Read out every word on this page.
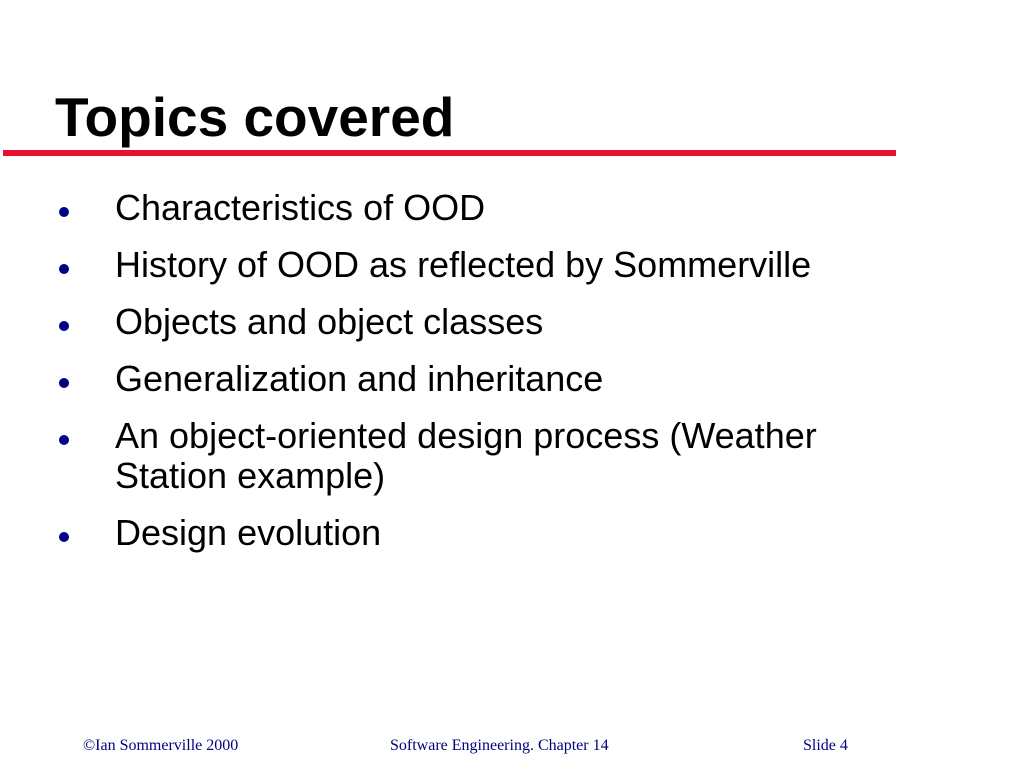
Topics covered
Characteristics of OOD
History of OOD as reflected by Sommerville
Objects and object classes
Generalization and inheritance
An object-oriented design process (Weather Station example)
Design evolution
©Ian Sommerville 2000	Software Engineering. Chapter 14	Slide 4
